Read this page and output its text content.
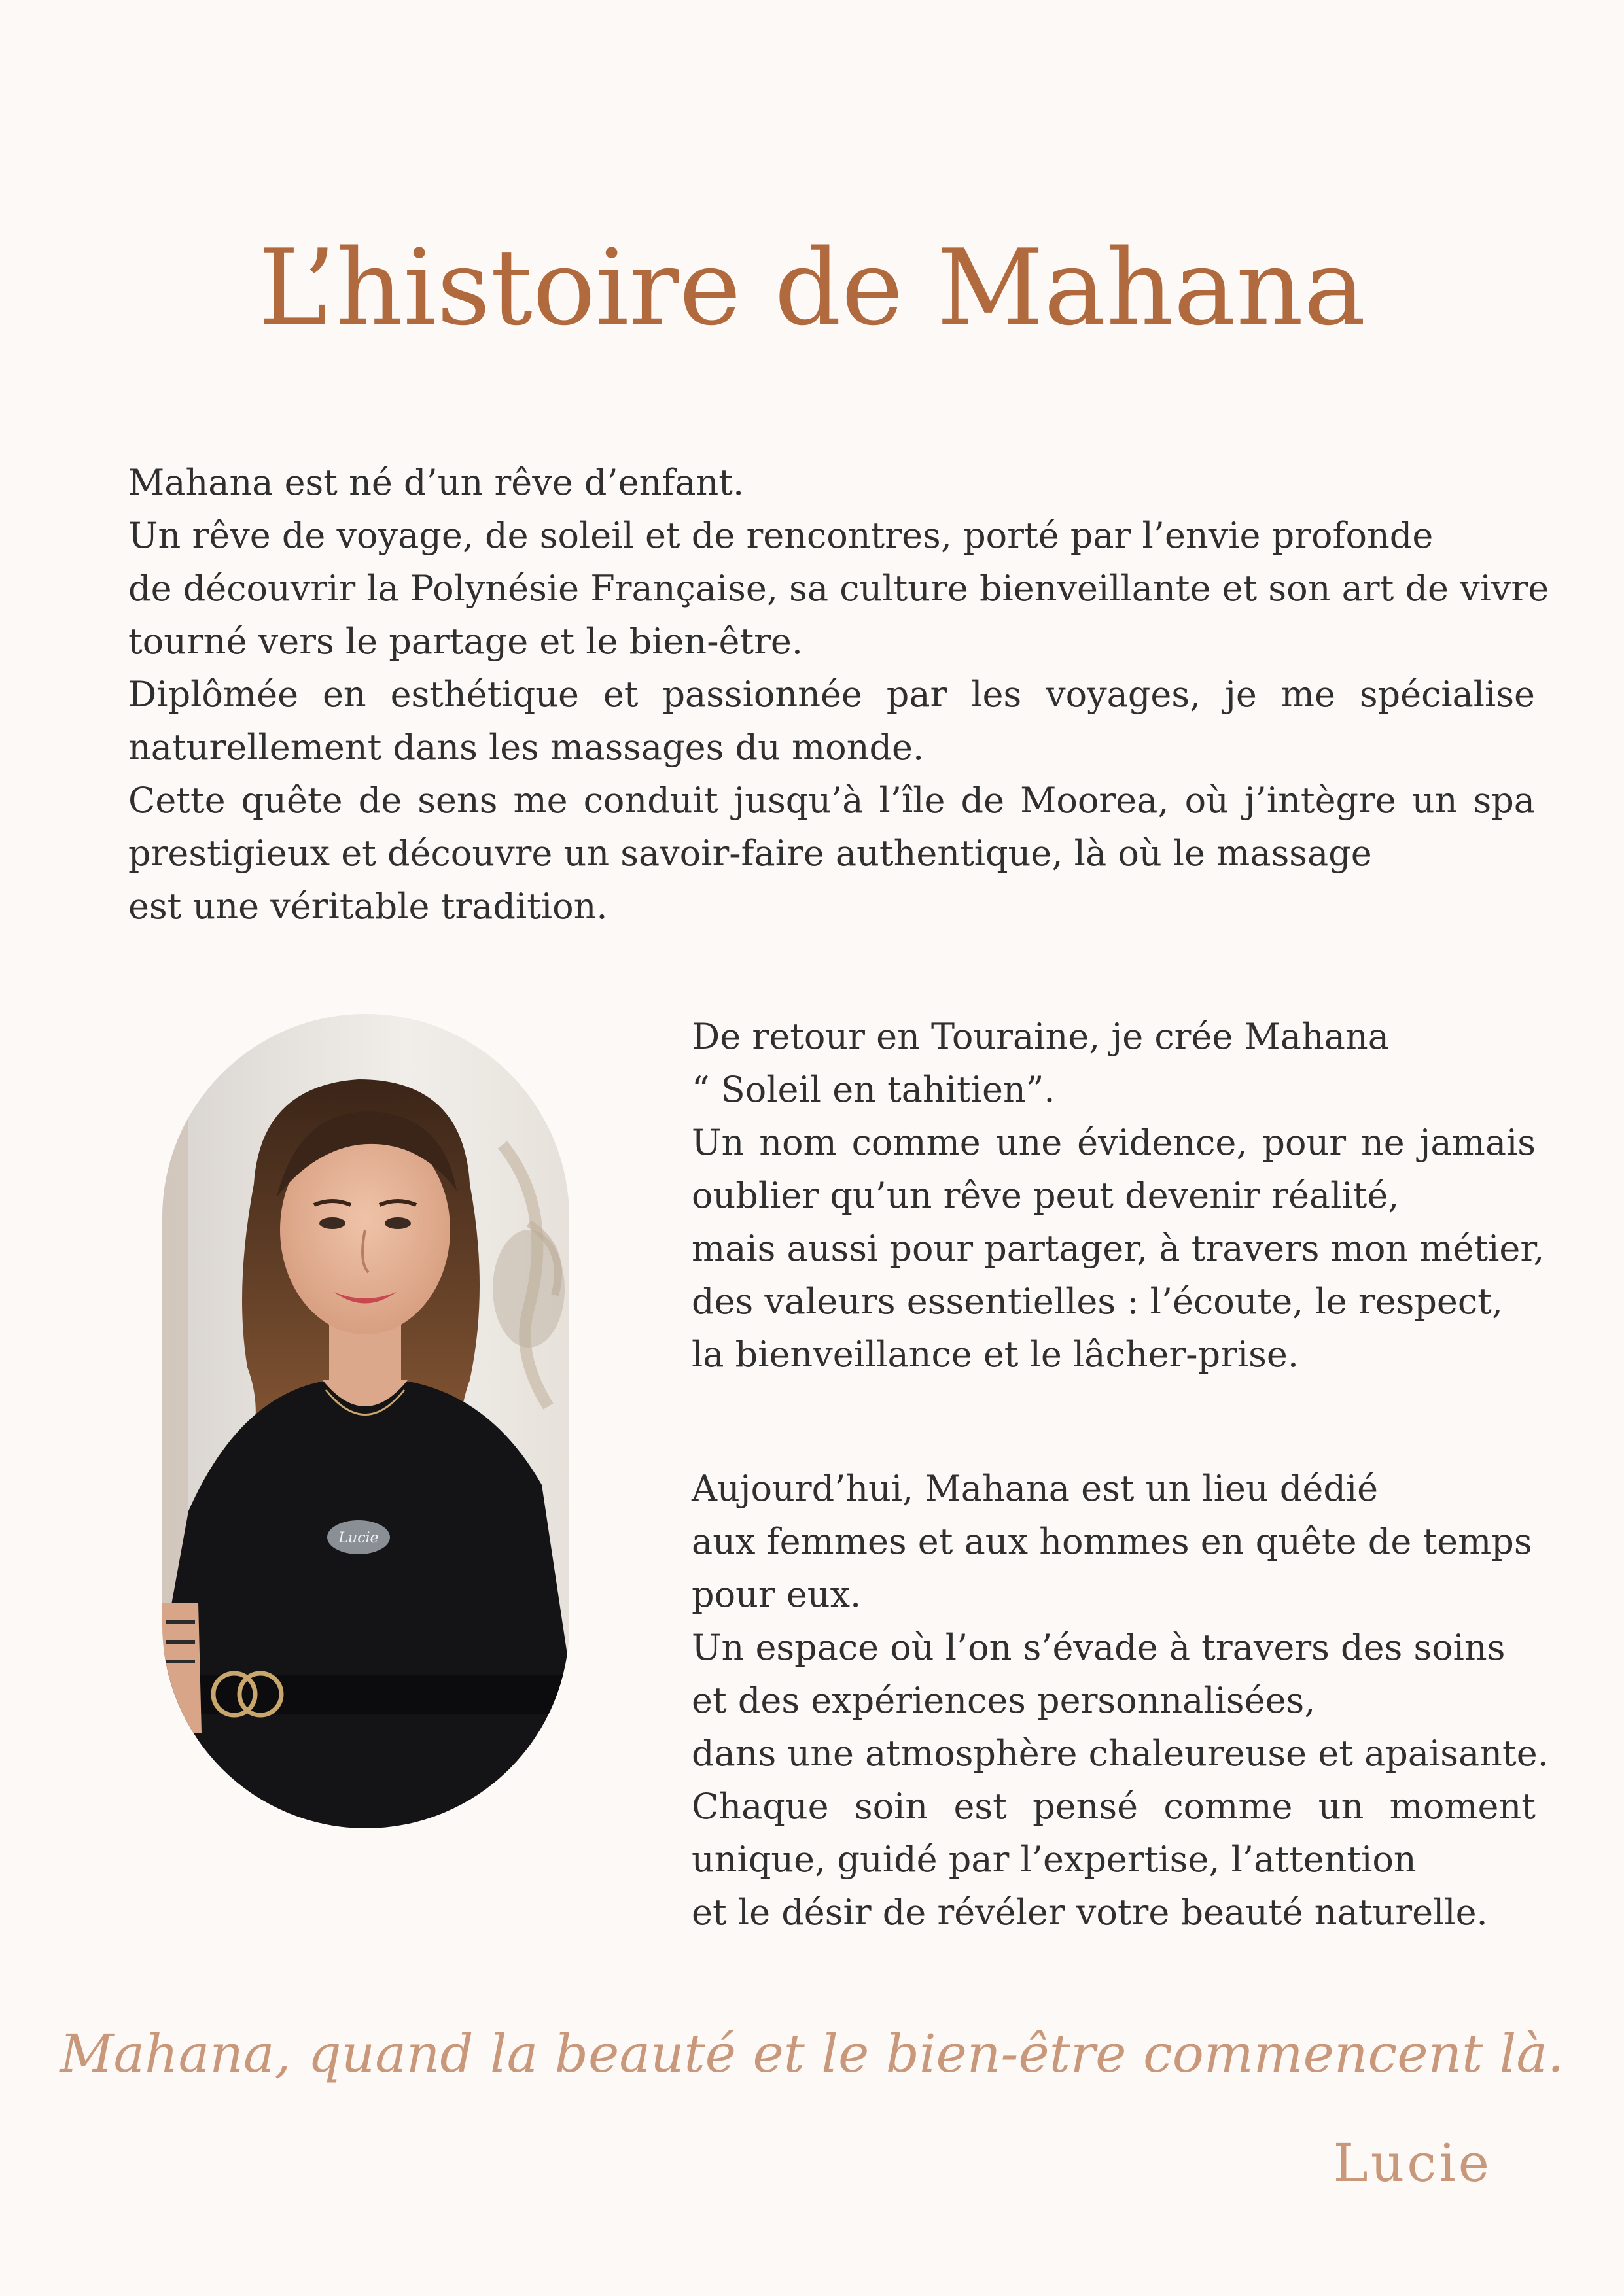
L’histoire de Mahana
Mahana est né d’un rêve d’enfant.
Un rêve de voyage, de soleil et de rencontres, porté par l’envie profonde
de découvrir la Polynésie Française, sa culture bienveillante et son art de vivre
tourné vers le partage et le bien-être.
Diplômée en esthétique et passionnée par les voyages, je me spécialise
naturellement dans les massages du monde.
Cette quête de sens me conduit jusqu’à l’île de Moorea, où j’intègre un spa
prestigieux et découvre un savoir-faire authentique, là où le massage
est une véritable tradition.
Lucie
De retour en Touraine, je crée Mahana
“ Soleil en tahitien”.
Un nom comme une évidence, pour ne jamais
oublier qu’un rêve peut devenir réalité,
mais aussi pour partager, à travers mon métier,
des valeurs essentielles : l’écoute, le respect,
la bienveillance et le lâcher-prise.
Aujourd’hui, Mahana est un lieu dédié
aux femmes et aux hommes en quête de temps
pour eux.
Un espace où l’on s’évade à travers des soins
et des expériences personnalisées,
dans une atmosphère chaleureuse et apaisante.
Chaque soin est pensé comme un moment
unique, guidé par l’expertise, l’attention
et le désir de révéler votre beauté naturelle.

Mahana, quand la beauté et le bien-être commencent là.

Lucie
